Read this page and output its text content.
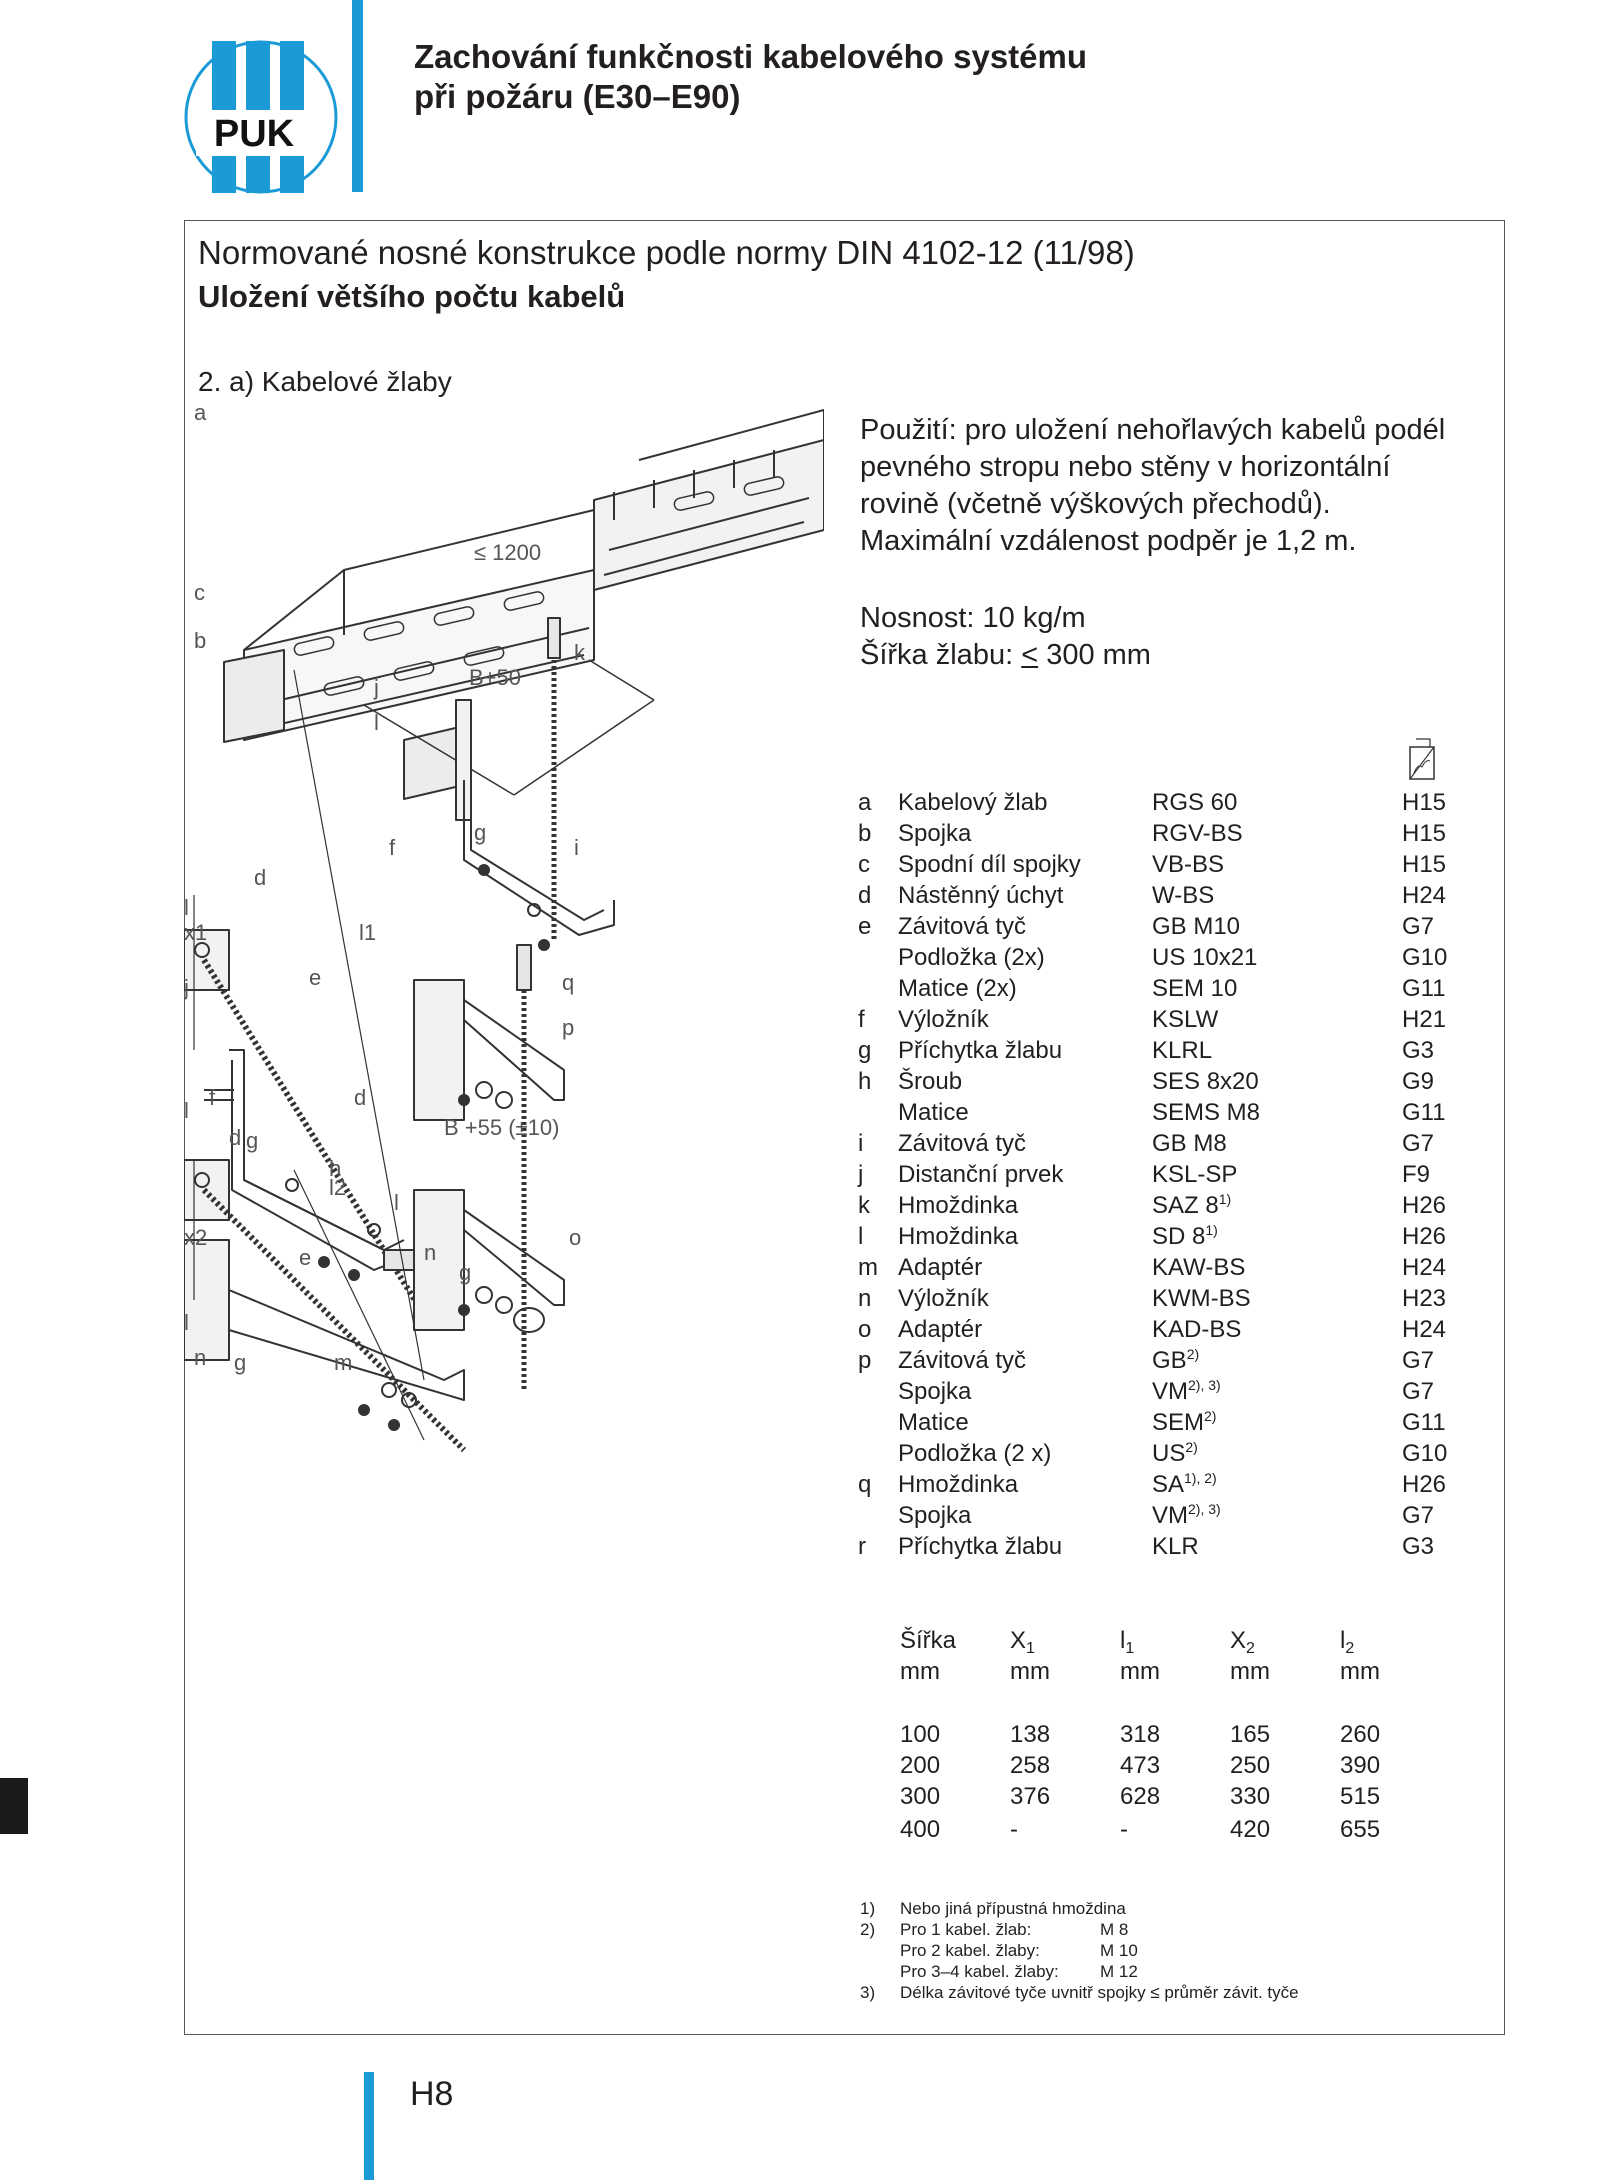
PUK
Zachování funkčnosti kabelového systému
při požáru (E30–E90)
Normované nosné konstrukce podle normy DIN 4102-12 (11/98)
Uložení většího počtu kabelů
2. a) Kabelové žlaby

Použití: pro uložení nehořlavých kabelů podél

pevného stropu nebo stěny v horizontální

rovině (včetně výškových přechodů).

Maximální vzdálenost podpěr je 1,2 m.

Nosnost: 10 kg/m
Šířka žlabu: < 300 mm
a	Kabelový žlab	RGS 60	H15
b	Spojka	RGV-BS	H15
c	Spodní díl spojky	VB-BS	H15
d	Nástěnný úchyt	W-BS	H24
e	Závitová tyč	GB M10	G7
	Podložka (2x)	US 10x21	G10
	Matice (2x)	SEM 10	G11
f	Výložník	KSLW	H21
g	Příchytka žlabu	KLRL	G3
h	Šroub	SES 8x20	G9
	Matice	SEMS M8	G11
i	Závitová tyč	GB M8	G7
j	Distanční prvek	KSL-SP	F9
k	Hmoždinka	SAZ 8$^{1)}$	H26
l	Hmoždinka	SD 8$^{1)}$	H26
m	Adaptér	KAW-BS	H24
n	Výložník	KWM-BS	H23
o	Adaptér	KAD-BS	H24
p	Závitová tyč	GB$^{2)}$	G7
	Spojka	$VM^{2), 3)}$	G7
	Matice	SEM$^{2)}$	G11
	Podložka (2 x)	US$^{2)}$	G10
q	Hmoždinka	$SA^{1), 2)}$	H26
	Spojka	$VM^{2), 3)}$	G7
r	Příchytka žlabu	KLR	G3
Šířka	$X_1$	$l_1$	$X_2$	$l_2$
mm	mm	mm	mm	mm

100	138	318	165	260
200	258	473	250	390
300	376	628	330	515
400	-	-	420	655
1) Nebo jiná přípustná hmoždina
2) Pro 1 kabel. žlab:	M 8
Pro 2 kabel. žlaby:	M 10
Pro 3–4 kabel. žlaby: M 12
3) Délka závitové tyče uvnitř spojky ≤ průměr závit. tyče
a
c
b
≤ 1200
d
l
x1	l1
e
j
f	d
g
h
f
g
B+50
i
k
j
l
q
p
B +55 (±10)
l
d
l2
x2
e
o
l
n
g
l
n g	m
H8
